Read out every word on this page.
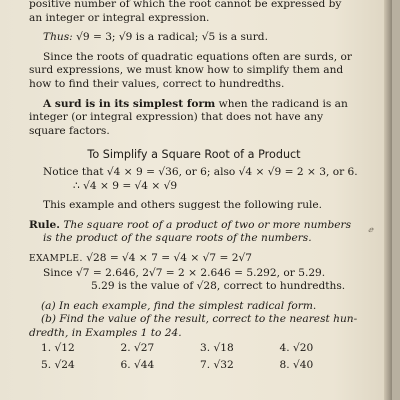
positive number of which the root cannot be expressed by

an integer or integral expression.

Thus: √9 = 3; √9 is a radical; √5 is a surd.

Since the roots of quadratic equations often are surds, or

surd expressions, we must know how to simplify them and

how to find their values, correct to hundredths.

A surd is in its simplest form when the radicand is an

integer (or integral expression) that does not have any

square factors.

To Simplify a Square Root of a Product

Notice that √4 × 9 = √36, or 6; also √4 × √9 = 2 × 3, or 6.

∴ √4 × 9 = √4 × √9

This example and others suggest the following rule.

Rule. The square root of a product of two or more numbers

is the product of the square roots of the numbers.

EXAMPLE. √28 = √4 × 7 = √4 × √7 = 2√7

Since √7 = 2.646, 2√7 = 2 × 2.646 = 5.292, or 5.29.

5.29 is the value of √28, correct to hundredths.

(a) In each example, find the simplest radical form.

(b) Find the value of the result, correct to the nearest hun-

dredth, in Examples 1 to 24.

1. √12	2. √27	3. √18	4. √20
5. √24	6. √44	7. √32	8. √40
ⅇ
